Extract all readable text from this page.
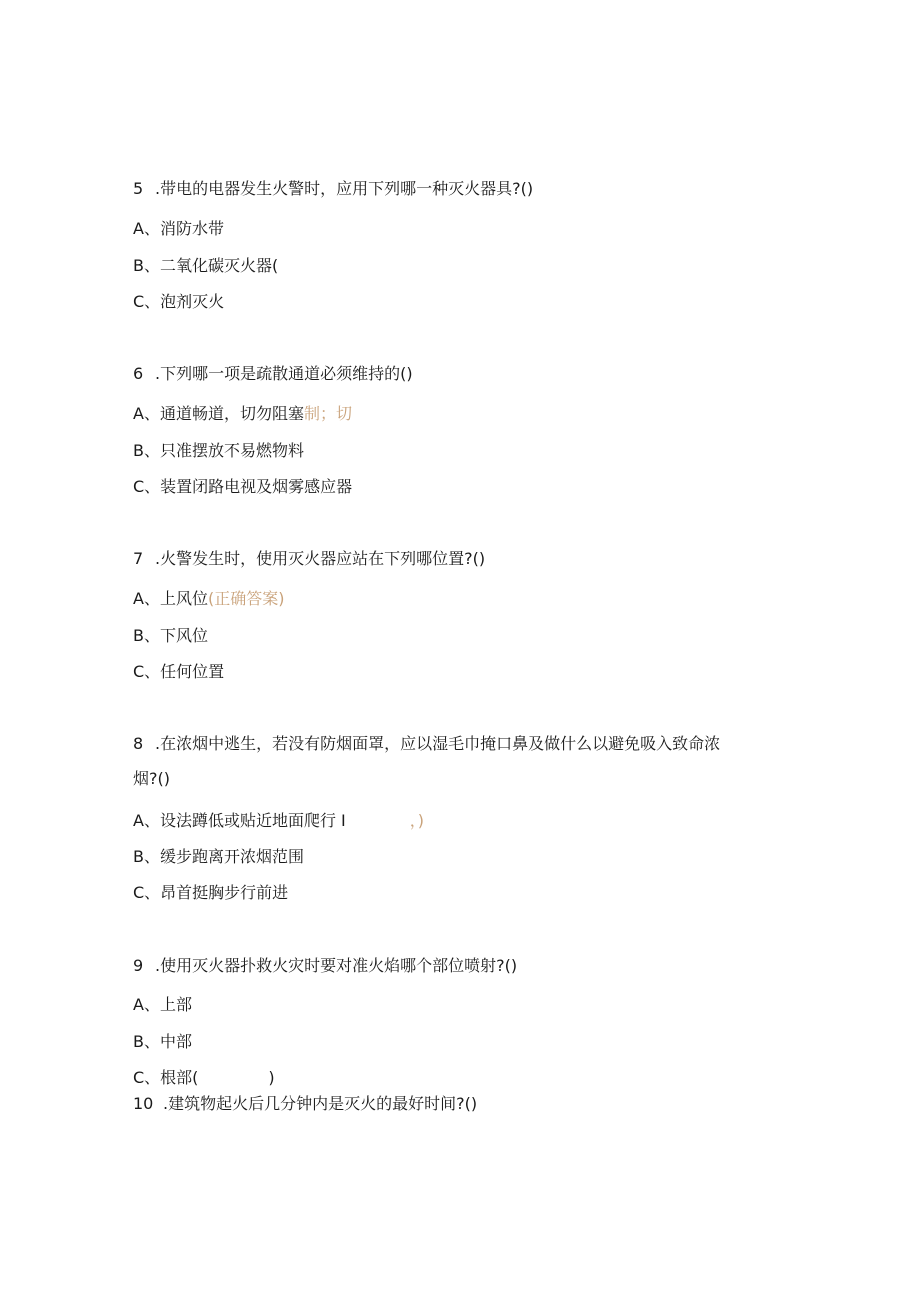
5 .带电的电器发生火警时，应用下列哪一种灭火器具?()
A、消防水带
B、二氧化碳灭火器(
C、泡剂灭火
6 .下列哪一项是疏散通道必须维持的()
A、通道畅道，切勿阻塞制；切
B、只准摆放不易燃物料
C、装置闭路电视及烟雾感应器
7 .火警发生时，使用灭火器应站在下列哪位置?()
A、上风位(正确答案)
B、下风位
C、任何位置
8 .在浓烟中逃生，若没有防烟面罩，应以湿毛巾掩口鼻及做什么以避免吸入致命浓
烟?()
A、设法蹲低或贴近地面爬行 I	，)
B、缓步跑离开浓烟范围
C、昂首挺胸步行前进
9 .使用灭火器扑救火灾时要对准火焰哪个部位喷射?()
A、上部
B、中部
C、根部(	)
10 .建筑物起火后几分钟内是灭火的最好时间?()
